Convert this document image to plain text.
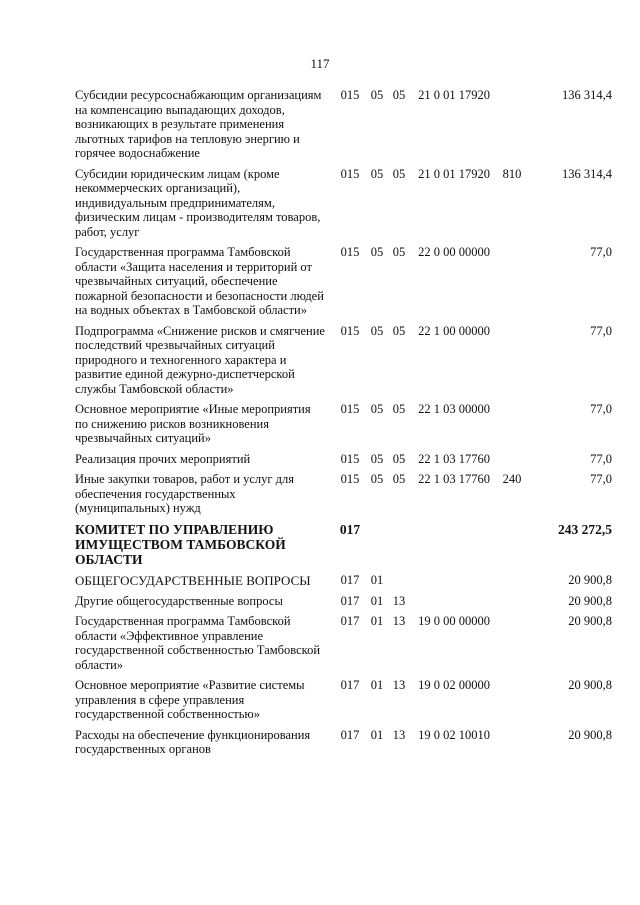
117
Субсидии ресурсоснабжающим организациям на компенсацию выпадающих доходов, возникающих в результате применения льготных тарифов на тепловую энергию и горячее водоснабжение	015	05	05	21 0 01 17920		136 314,4
Субсидии юридическим лицам (кроме некоммерческих организаций), индивидуальным предпринимателям, физическим лицам - производителям товаров, работ, услуг	015	05	05	21 0 01 17920	810	136 314,4
Государственная программа Тамбовской области «Защита населения и территорий от чрезвычайных ситуаций, обеспечение пожарной безопасности и безопасности людей на водных объектах в Тамбовской области»	015	05	05	22 0 00 00000		77,0
Подпрограмма «Снижение рисков и смягчение последствий чрезвычайных ситуаций природного и техногенного характера и развитие единой дежурно-диспетчерской службы Тамбовской области»	015	05	05	22 1 00 00000		77,0
Основное мероприятие «Иные мероприятия по снижению рисков возникновения чрезвычайных ситуаций»	015	05	05	22 1 03 00000		77,0
Реализация прочих мероприятий	015	05	05	22 1 03 17760		77,0
Иные закупки товаров, работ и услуг для обеспечения государственных (муниципальных) нужд	015	05	05	22 1 03 17760	240	77,0
КОМИТЕТ ПО УПРАВЛЕНИЮ ИМУЩЕСТВОМ ТАМБОВСКОЙ ОБЛАСТИ	017					243 272,5
ОБЩЕГОСУДАРСТВЕННЫЕ ВОПРОСЫ	017	01				20 900,8
Другие общегосударственные вопросы	017	01	13			20 900,8
Государственная программа Тамбовской области «Эффективное управление государственной собственностью Тамбовской области»	017	01	13	19 0 00 00000		20 900,8
Основное мероприятие «Развитие системы управления в сфере управления государственной собственностью»	017	01	13	19 0 02 00000		20 900,8
Расходы на обеспечение функционирования государственных органов	017	01	13	19 0 02 10010		20 900,8
